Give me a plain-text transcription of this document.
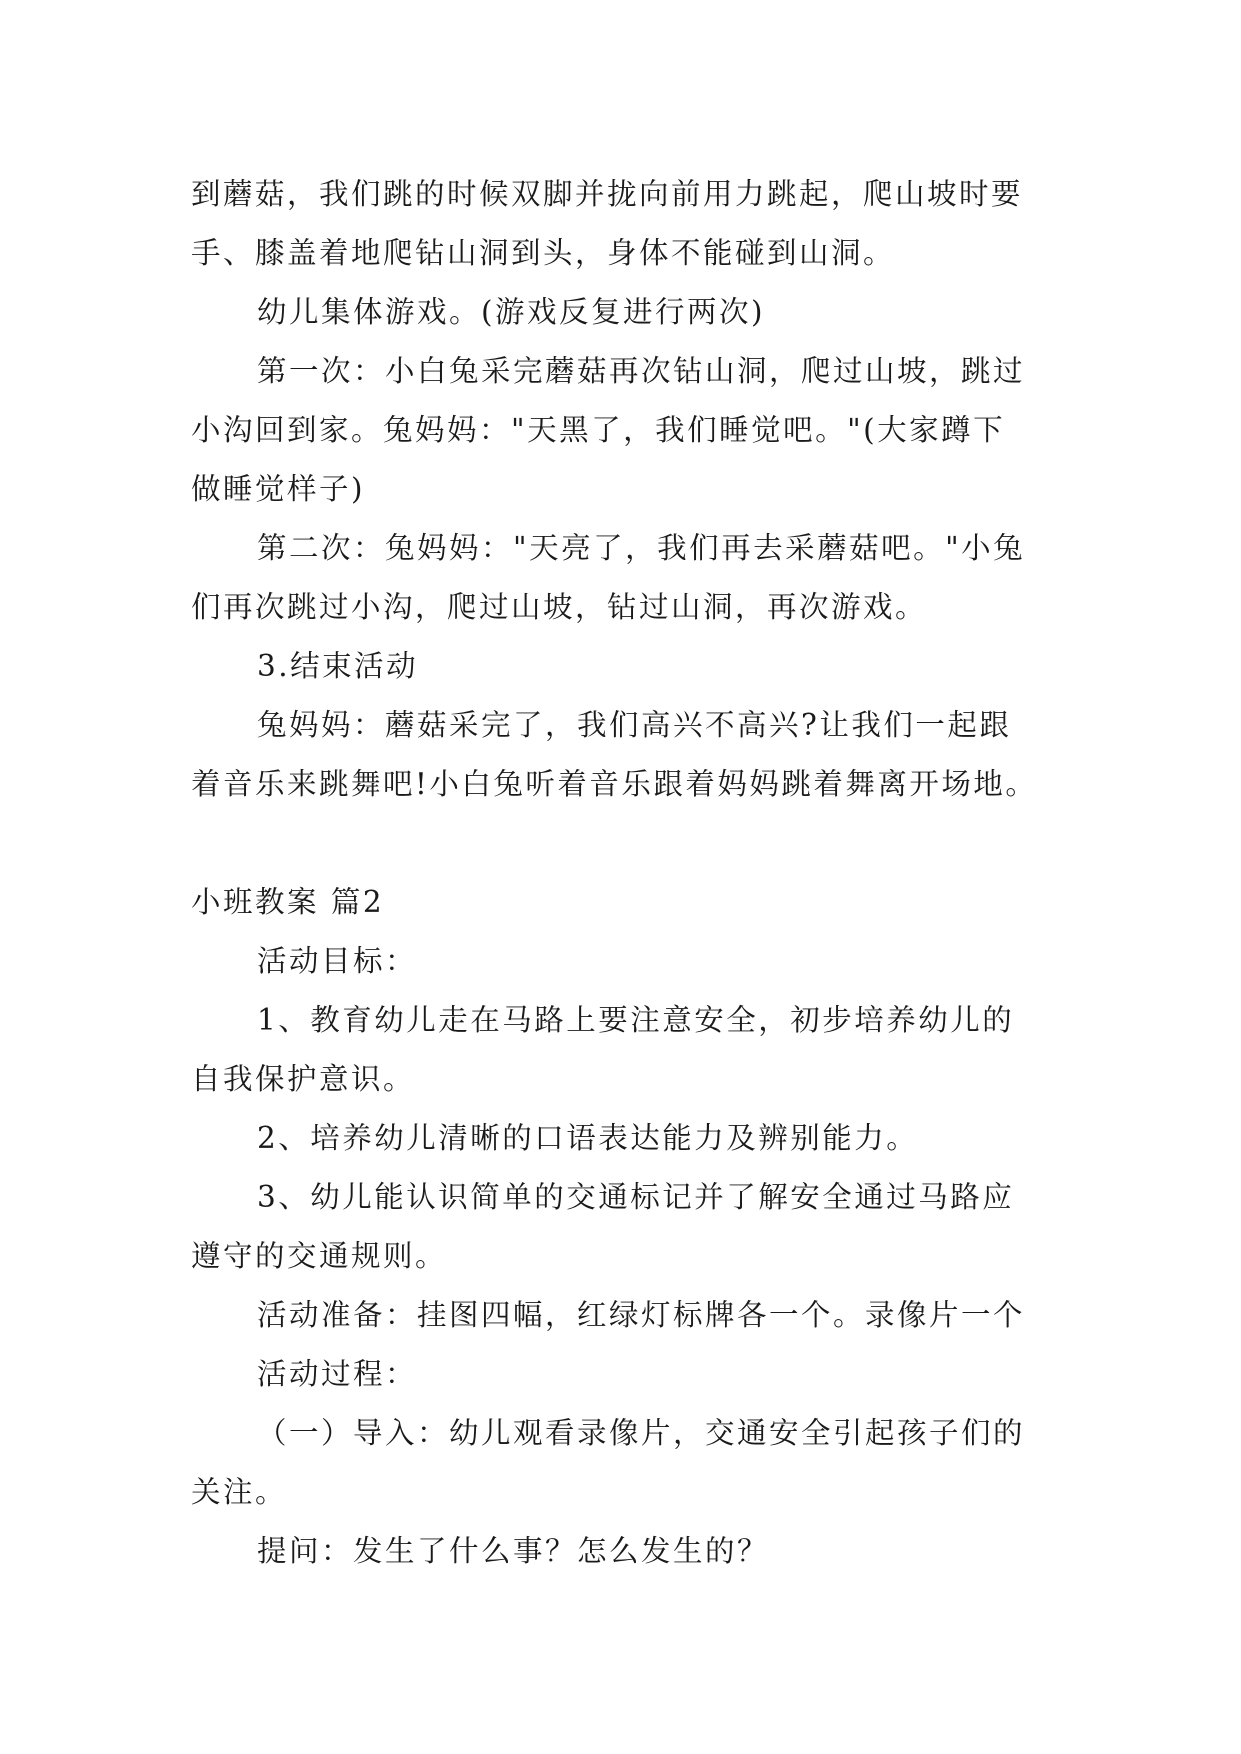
到蘑菇，我们跳的时候双脚并拢向前用力跳起，爬山坡时要
手、膝盖着地爬钻山洞到头，身体不能碰到山洞。
幼儿集体游戏。(游戏反复进行两次)
第一次：小白兔采完蘑菇再次钻山洞，爬过山坡，跳过
小沟回到家。兔妈妈："天黑了，我们睡觉吧。"(大家蹲下
做睡觉样子)
第二次：兔妈妈："天亮了，我们再去采蘑菇吧。"小兔
们再次跳过小沟，爬过山坡，钻过山洞，再次游戏。
3.结束活动
兔妈妈：蘑菇采完了，我们高兴不高兴?让我们一起跟
着音乐来跳舞吧!小白兔听着音乐跟着妈妈跳着舞离开场地。
小班教案 篇2
活动目标：
1、教育幼儿走在马路上要注意安全，初步培养幼儿的
自我保护意识。
2、培养幼儿清晰的口语表达能力及辨别能力。
3、幼儿能认识简单的交通标记并了解安全通过马路应
遵守的交通规则。
活动准备：挂图四幅，红绿灯标牌各一个。录像片一个
活动过程：
（一）导入：幼儿观看录像片，交通安全引起孩子们的
关注。
提问：发生了什么事？怎么发生的？
